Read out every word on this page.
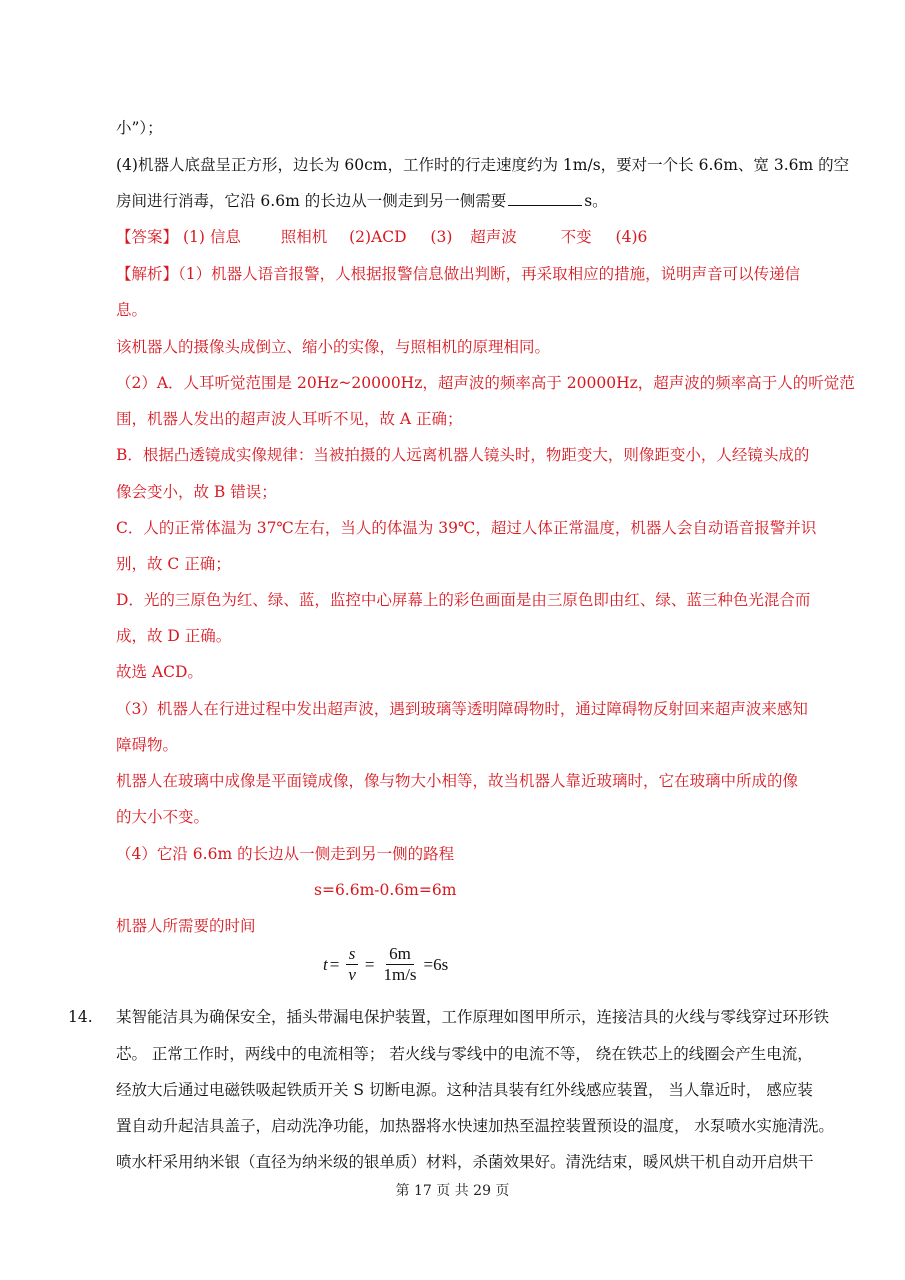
小”）；
(4)机器人底盘呈正方形，边长为 60cm，工作时的行走速度约为 1m/s，要对一个长 6.6m、宽 3.6m 的空
房间进行消毒，它沿 6.6m 的长边从一侧走到另一侧需要	s。
【答案】 (1) 信息	照相机 (2)ACD (3) 超声波	不变 (4)6
【解析】（1）机器人语音报警，人根据报警信息做出判断，再采取相应的措施，说明声音可以传递信
息。
该机器人的摄像头成倒立、缩小的实像，与照相机的原理相同。
（2）A．人耳听觉范围是 20Hz~20000Hz，超声波的频率高于 20000Hz，超声波的频率高于人的听觉范
围，机器人发出的超声波人耳听不见，故 A 正确；
B．根据凸透镜成实像规律：当被拍摄的人远离机器人镜头时，物距变大，则像距变小，人经镜头成的
像会变小，故 B 错误；
C．人的正常体温为 37℃左右，当人的体温为 39℃，超过人体正常温度，机器人会自动语音报警并识
别，故 C 正确；
D．光的三原色为红、绿、蓝，监控中心屏幕上的彩色画面是由三原色即由红、绿、蓝三种色光混合而
成，故 D 正确。
故选 ACD。
（3）机器人在行进过程中发出超声波，遇到玻璃等透明障碍物时，通过障碍物反射回来超声波来感知
障碍物。
机器人在玻璃中成像是平面镜成像，像与物大小相等，故当机器人靠近玻璃时，它在玻璃中所成的像
的大小不变。
（4）它沿 6.6m 的长边从一侧走到另一侧的路程
s=6.6m-0.6m=6m
机器人所需要的时间
$t = \frac{s}{v} = \frac{6m}{1m/s} =6s$
14. 某智能洁具为确保安全，插头带漏电保护装置，工作原理如图甲所示，连接洁具的火线与零线穿过环形铁
芯。 正常工作时，两线中的电流相等； 若火线与零线中的电流不等， 绕在铁芯上的线圈会产生电流，
经放大后通过电磁铁吸起铁质开关 S 切断电源。这种洁具装有红外线感应装置， 当人靠近时， 感应装
置自动升起洁具盖子，启动洗净功能，加热器将水快速加热至温控装置预设的温度， 水泵喷水实施清洗。
喷水杆采用纳米银（直径为纳米级的银单质）材料，杀菌效果好。清洗结束，暖风烘干机自动开启烘干
第 17 页 共 29 页
